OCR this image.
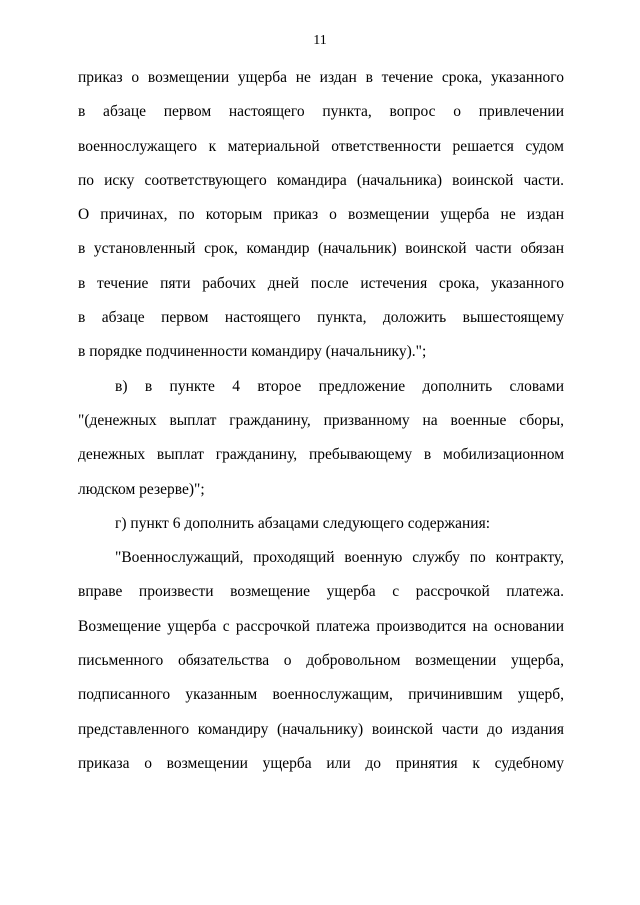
11
приказ о возмещении ущерба не издан в течение срока, указанного
в абзаце первом настоящего пункта, вопрос о привлечении
военнослужащего к материальной ответственности решается судом
по иску соответствующего командира (начальника) воинской части.
О причинах, по которым приказ о возмещении ущерба не издан
в установленный срок, командир (начальник) воинской части обязан
в течение пяти рабочих дней после истечения срока, указанного
в абзаце первом настоящего пункта, доложить вышестоящему
в порядке подчиненности командиру (начальнику).";
в) в пункте 4 второе предложение дополнить словами
"(денежных выплат гражданину, призванному на военные сборы,
денежных выплат гражданину, пребывающему в мобилизационном
людском резерве)";
г) пункт 6 дополнить абзацами следующего содержания:
"Военнослужащий, проходящий военную службу по контракту,
вправе произвести возмещение ущерба с рассрочкой платежа.
Возмещение ущерба с рассрочкой платежа производится на основании
письменного обязательства о добровольном возмещении ущерба,
подписанного указанным военнослужащим, причинившим ущерб,
представленного командиру (начальнику) воинской части до издания
приказа о возмещении ущерба или до принятия к судебному
